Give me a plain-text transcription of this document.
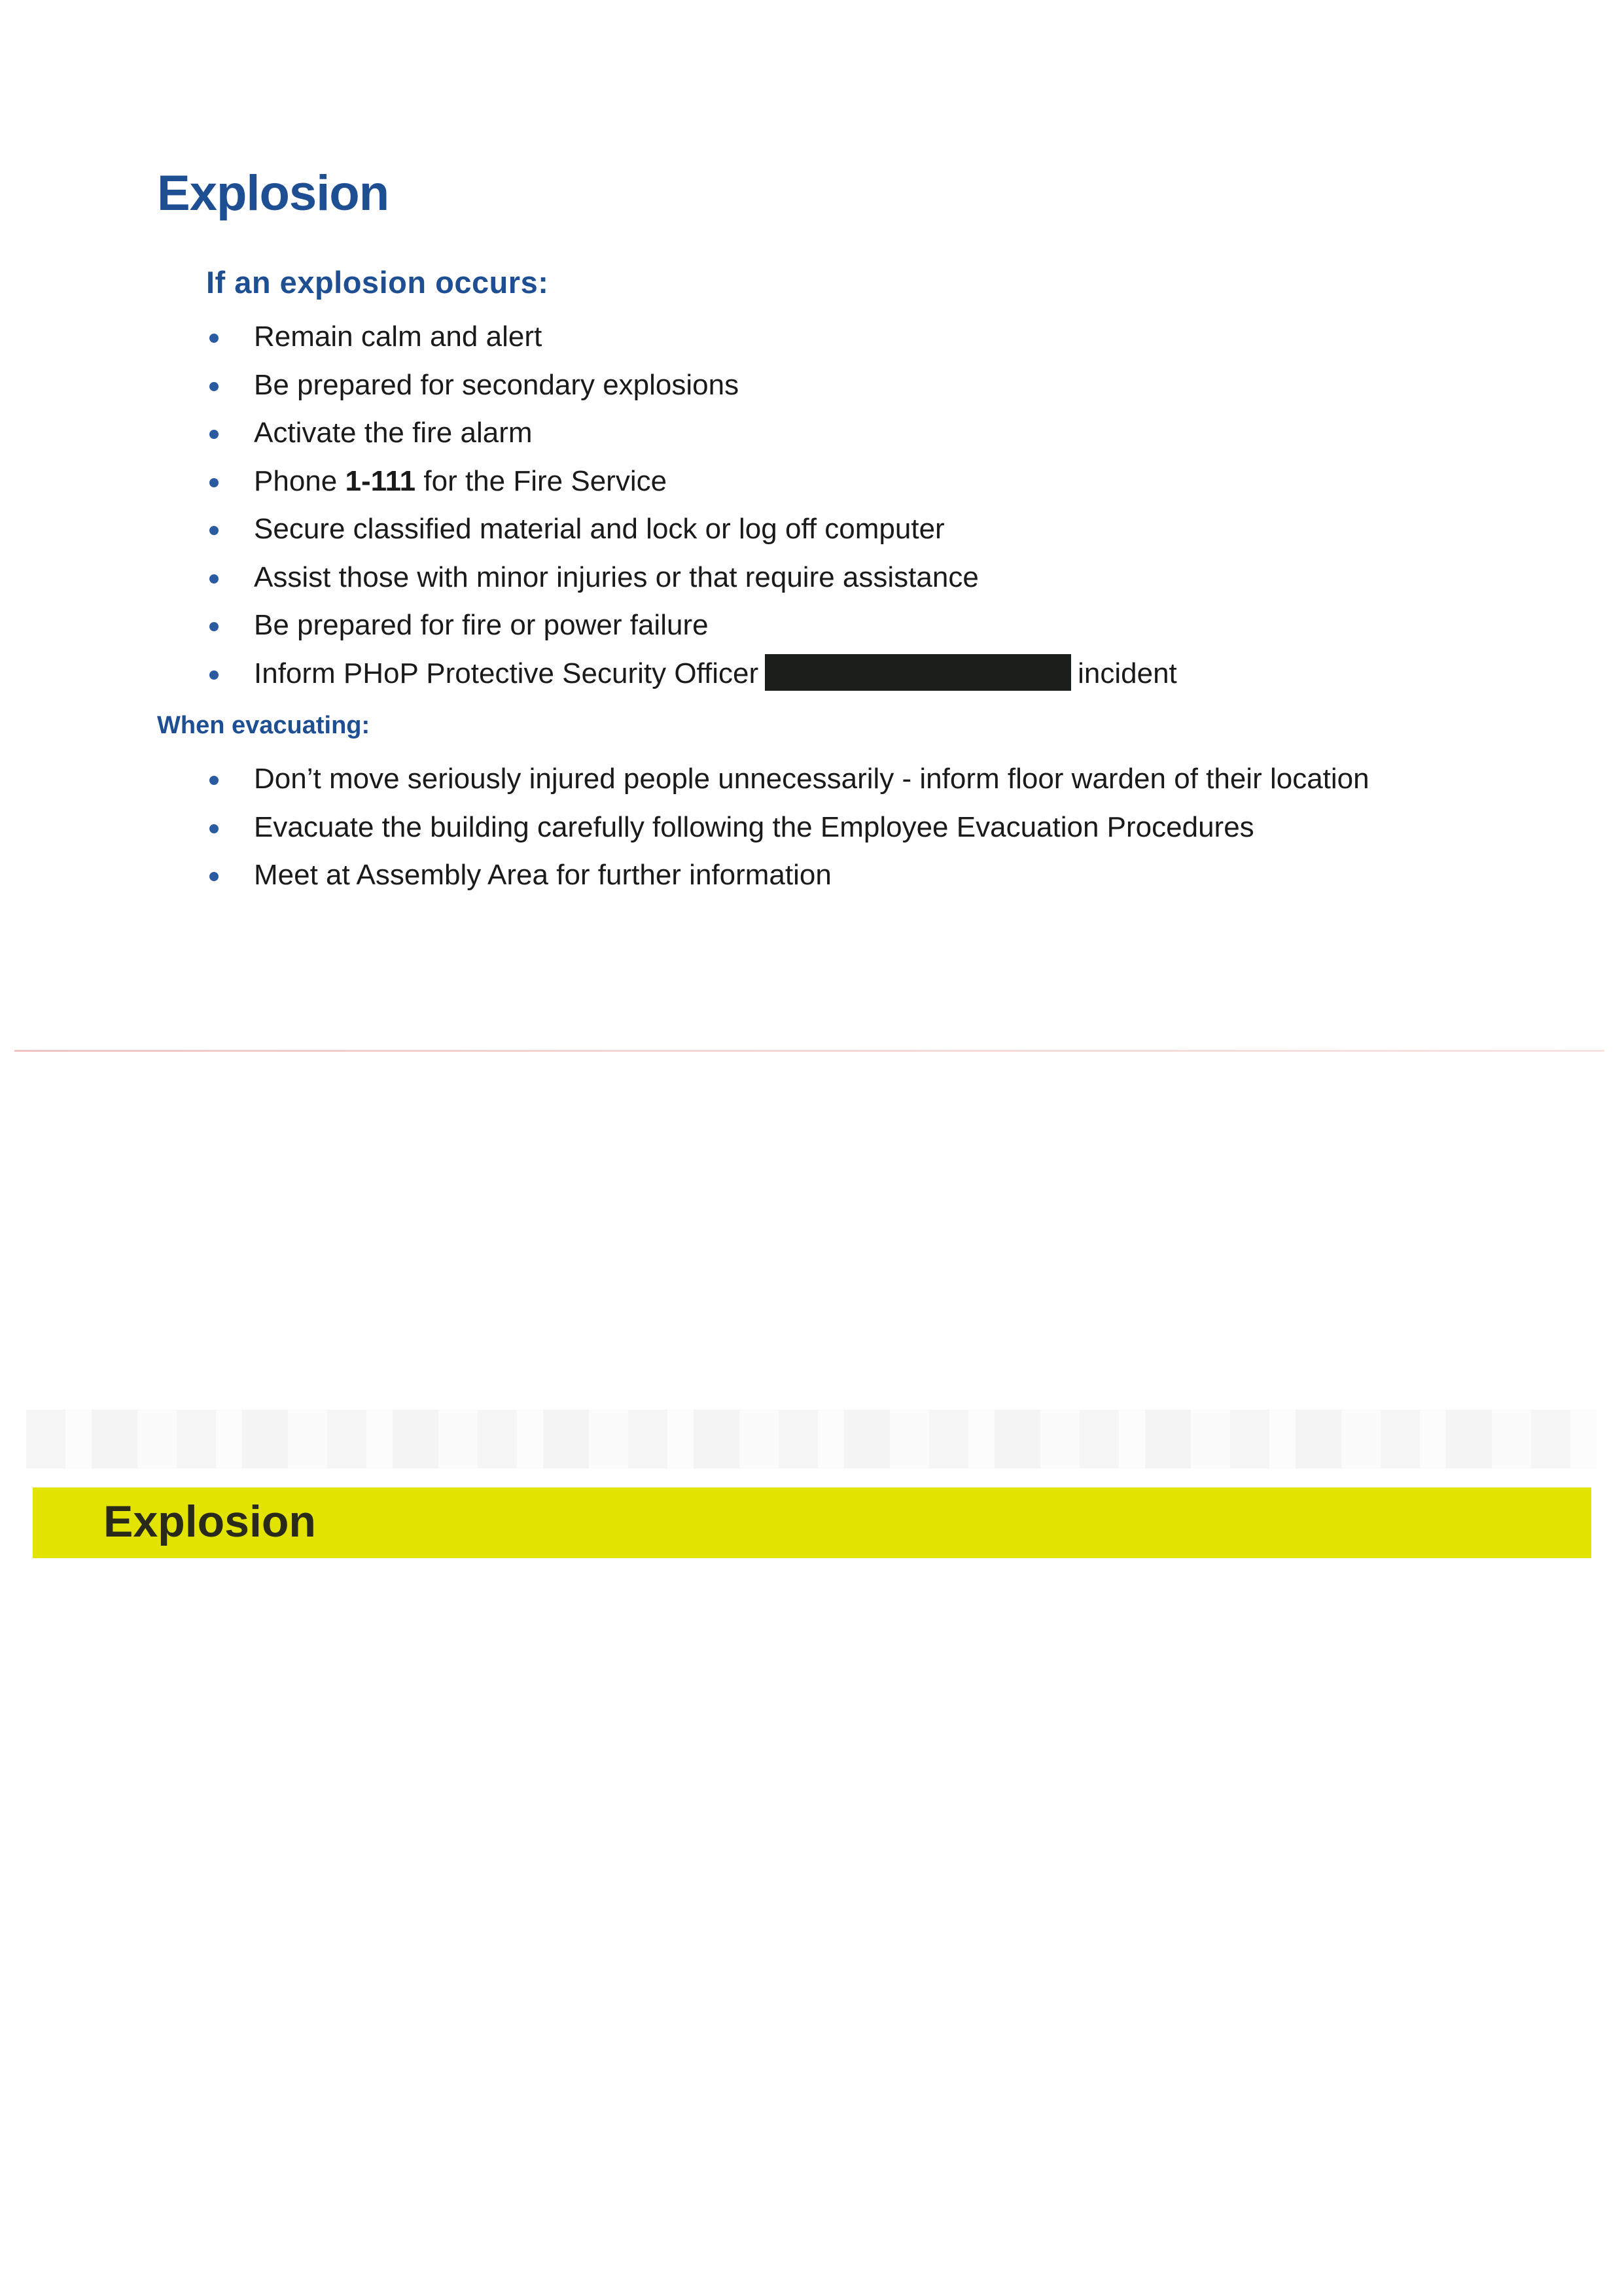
Explosion
If an explosion occurs:
Remain calm and alert
Be prepared for secondary explosions
Activate the fire alarm
Phone 1-111 for the Fire Service
Secure classified material and lock or log off computer
Assist those with minor injuries or that require assistance
Be prepared for fire or power failure
Inform PHoP Protective Security Officer	incident
When evacuating:
Don’t move seriously injured people unnecessarily - inform floor warden of their location
Evacuate the building carefully following the Employee Evacuation Procedures
Meet at Assembly Area for further information
Explosion
